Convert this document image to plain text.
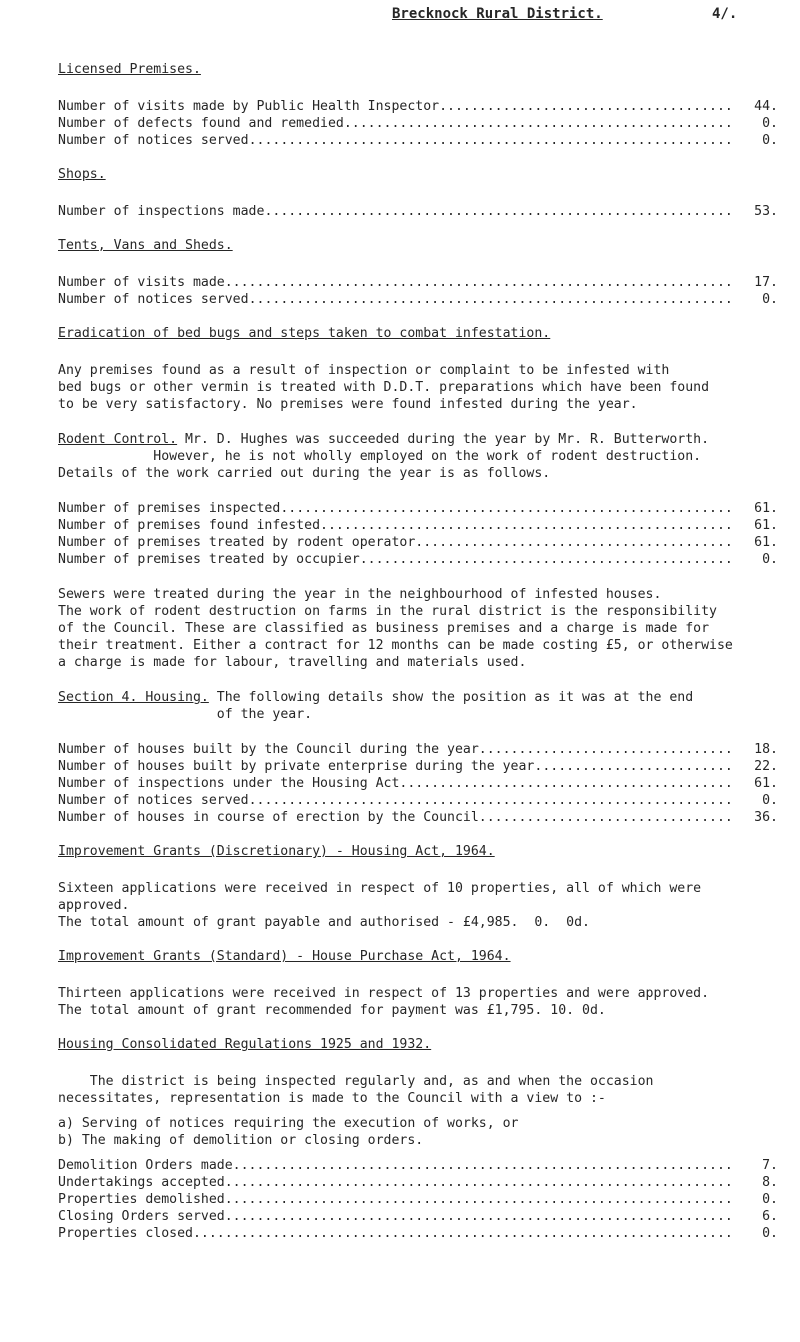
Brecknock Rural District.	4/.

Licensed Premises.

Number of visits made by Public Health Inspector .....	44.
Number of defects found and remedied .....	0.
Number of notices served .....	0.

Shops.

Number of inspections made .....	53.

Tents, Vans and Sheds.

Number of visits made .....	17.
Number of notices served .....	0.

Eradication of bed bugs and steps taken to combat infestation.

Any premises found as a result of inspection or complaint to be infested with
bed bugs or other vermin is treated with D.D.T. preparations which have been found
to be very satisfactory. No premises were found infested during the year.

Rodent Control. Mr. D. Hughes was succeeded during the year by Mr. R. Butterworth.
However, he is not wholly employed on the work of rodent destruction.
Details of the work carried out during the year is as follows.

Number of premises inspected .....	61.
Number of premises found infested .....	61.
Number of premises treated by rodent operator .....	61.
Number of premises treated by occupier .....	0.

Sewers were treated during the year in the neighbourhood of infested houses.
The work of rodent destruction on farms in the rural district is the responsibility
of the Council. These are classified as business premises and a charge is made for
their treatment. Either a contract for 12 months can be made costing £5, or otherwise
a charge is made for labour, travelling and materials used.

Section 4. Housing. The following details show the position as it was at the end
of the year.

Number of houses built by the Council during the year .....	18.
Number of houses built by private enterprise during the year .....	22.
Number of inspections under the Housing Act .....	61.
Number of notices served .....	0.
Number of houses in course of erection by the Council .....	36.

Improvement Grants (Discretionary) - Housing Act, 1964.

Sixteen applications were received in respect of 10 properties, all of which were
approved.
The total amount of grant payable and authorised - £4,985.  0.  0d.

Improvement Grants (Standard) - House Purchase Act, 1964.

Thirteen applications were received in respect of 13 properties and were approved.
The total amount of grant recommended for payment was £1,795. 10. 0d.

Housing Consolidated Regulations 1925 and 1932.

The district is being inspected regularly and, as and when the occasion
necessitates, representation is made to the Council with a view to :-

a) Serving of notices requiring the execution of works, or

b) The making of demolition or closing orders.

Demolition Orders made .....	7.
Undertakings accepted .....	8.
Properties demolished .....	0.
Closing Orders served .....	6.
Properties closed .....	0.
